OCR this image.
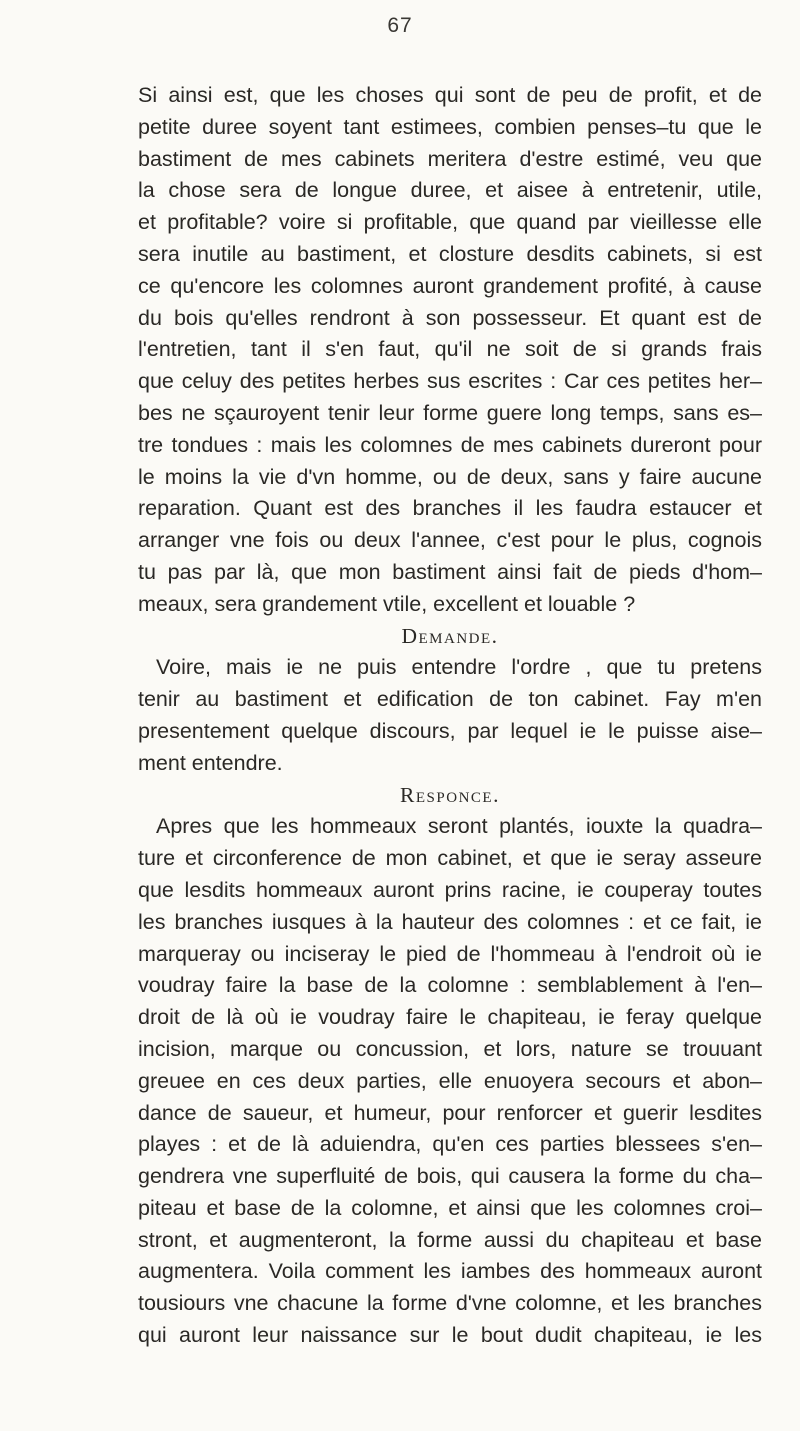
67
Si ainsi est, que les choses qui sont de peu de profit, et de
petite duree soyent tant estimees, combien penses–tu que le
bastiment de mes cabinets meritera d'estre estimé, veu que
la chose sera de longue duree, et aisee à entretenir, utile,
et profitable? voire si profitable, que quand par vieillesse elle
sera inutile au bastiment, et closture desdits cabinets, si est
ce qu'encore les colomnes auront grandement profité, à cause
du bois qu'elles rendront à son possesseur. Et quant est de
l'entretien, tant il s'en faut, qu'il ne soit de si grands frais
que celuy des petites herbes sus escrites : Car ces petites her–
bes ne sçauroyent tenir leur forme guere long temps, sans es–
tre tondues : mais les colomnes de mes cabinets dureront pour
le moins la vie d'vn homme, ou de deux, sans y faire aucune
reparation. Quant est des branches il les faudra estaucer et
arranger vne fois ou deux l'annee, c'est pour le plus, cognois
tu pas par là, que mon bastiment ainsi fait de pieds d'hom–
meaux, sera grandement vtile, excellent et louable ?
Demande.
Voire, mais ie ne puis entendre l'ordre , que tu pretens
tenir au bastiment et edification de ton cabinet. Fay m'en
presentement quelque discours, par lequel ie le puisse aise–
ment entendre.
Responce.
Apres que les hommeaux seront plantés, iouxte la quadra–
ture et circonference de mon cabinet, et que ie seray asseure
que lesdits hommeaux auront prins racine, ie couperay toutes
les branches iusques à la hauteur des colomnes : et ce fait, ie
marqueray ou inciseray le pied de l'hommeau à l'endroit où ie
voudray faire la base de la colomne : semblablement à l'en–
droit de là où ie voudray faire le chapiteau, ie feray quelque
incision, marque ou concussion, et lors, nature se trouuant
greuee en ces deux parties, elle enuoyera secours et abon–
dance de saueur, et humeur, pour renforcer et guerir lesdites
playes : et de là aduiendra, qu'en ces parties blessees s'en–
gendrera vne superfluité de bois, qui causera la forme du cha–
piteau et base de la colomne, et ainsi que les colomnes croi–
stront, et augmenteront, la forme aussi du chapiteau et base
augmentera. Voila comment les iambes des hommeaux auront
tousiours vne chacune la forme d'vne colomne, et les branches
qui auront leur naissance sur le bout dudit chapiteau, ie les
